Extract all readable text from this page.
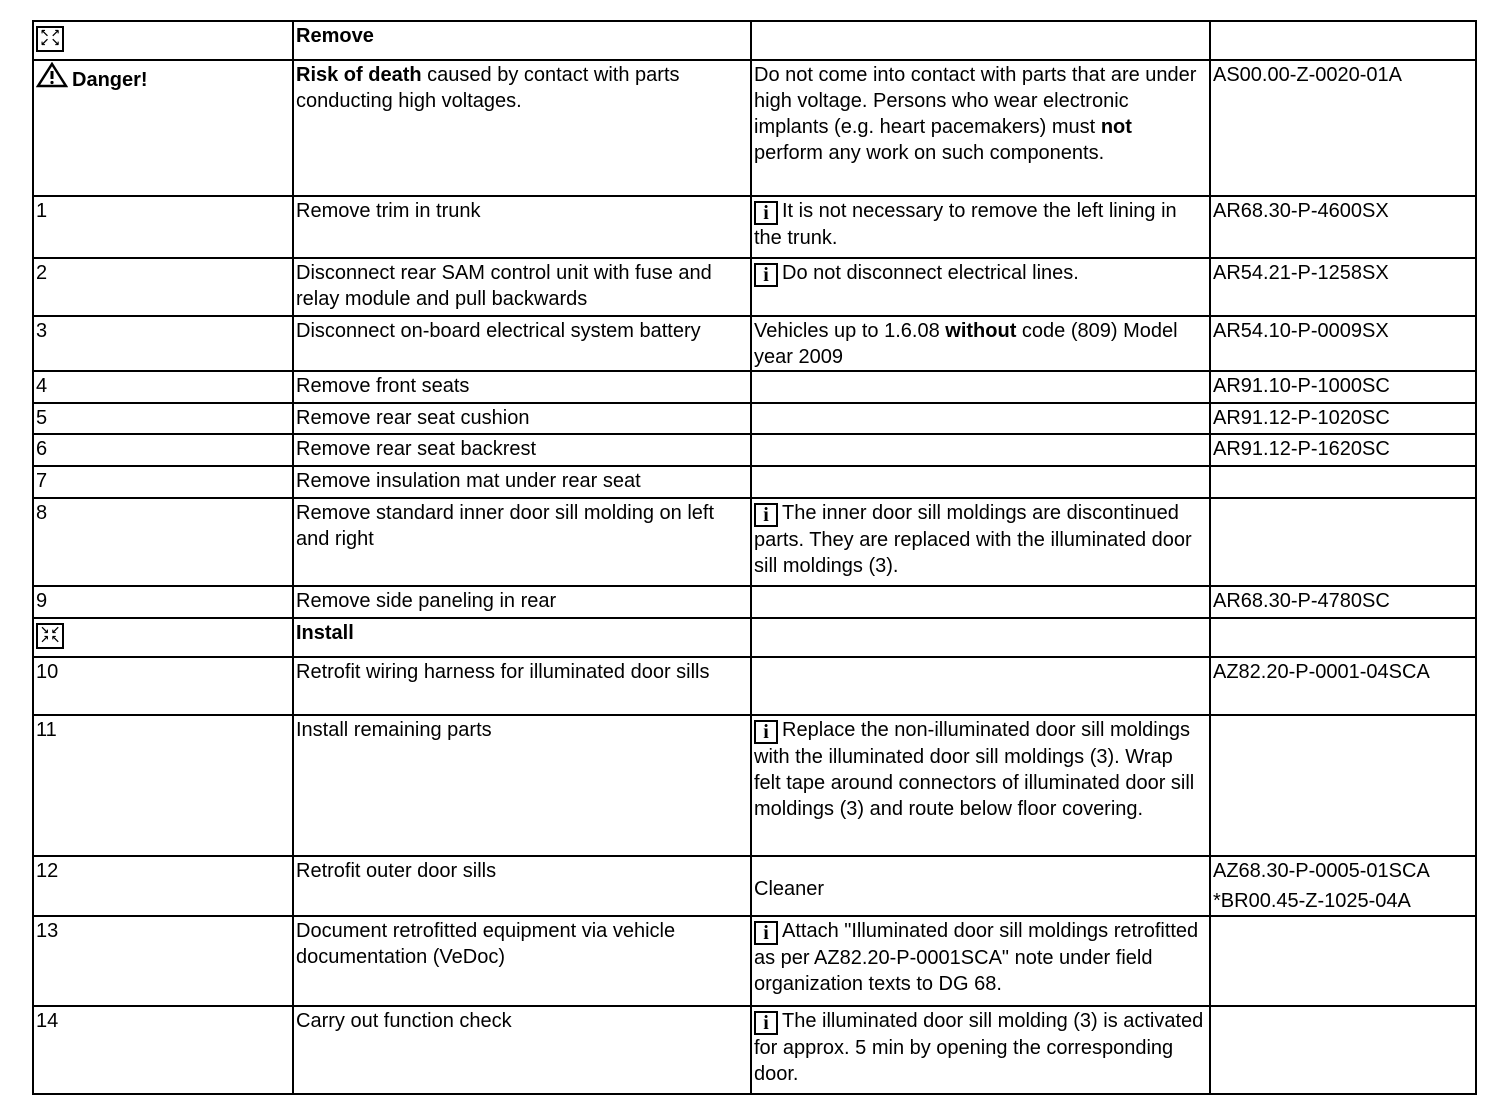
↖ ↗
↙ ↘	Remove		
Danger!	Risk of death caused by contact with parts conducting high voltages.	Do not come into contact with parts that are under high voltage. Persons who wear electronic implants (e.g. heart pacemakers) must not perform any work on such components.	AS00.00-Z-0020-01A
1	Remove trim in trunk	i It is not necessary to remove the left lining in the trunk.	AR68.30-P-4600SX
2	Disconnect rear SAM control unit with fuse and relay module and pull backwards	i Do not disconnect electrical lines.	AR54.21-P-1258SX
3	Disconnect on-board electrical system battery	Vehicles up to 1.6.08 without code (809) Model year 2009	AR54.10-P-0009SX
4	Remove front seats		AR91.10-P-1000SC
5	Remove rear seat cushion		AR91.12-P-1020SC
6	Remove rear seat backrest		AR91.12-P-1620SC
7	Remove insulation mat under rear seat		
8	Remove standard inner door sill molding on left and right	i The inner door sill moldings are discontinued parts. They are replaced with the illuminated door sill moldings (3).	
9	Remove side paneling in rear		AR68.30-P-4780SC

↘ ↙
↗ ↖	Install		
10	Retrofit wiring harness for illuminated door sills		AZ82.20-P-0001-04SCA
11	Install remaining parts	i Replace the non-illuminated door sill moldings with the illuminated door sill moldings (3). Wrap felt tape around connectors of illuminated door sill moldings (3) and route below floor covering.	
12	Retrofit outer door sills	Cleaner	AZ68.30-P-0005-01SCA
*BR00.45-Z-1025-04A

13	Document retrofitted equipment via vehicle documentation (VeDoc)	i Attach "Illuminated door sill moldings retrofitted as per AZ82.20-P-0001SCA" note under field organization texts to DG 68.	
14	Carry out function check	i The illuminated door sill molding (3) is activated for approx. 5 min by opening the corresponding door.	
